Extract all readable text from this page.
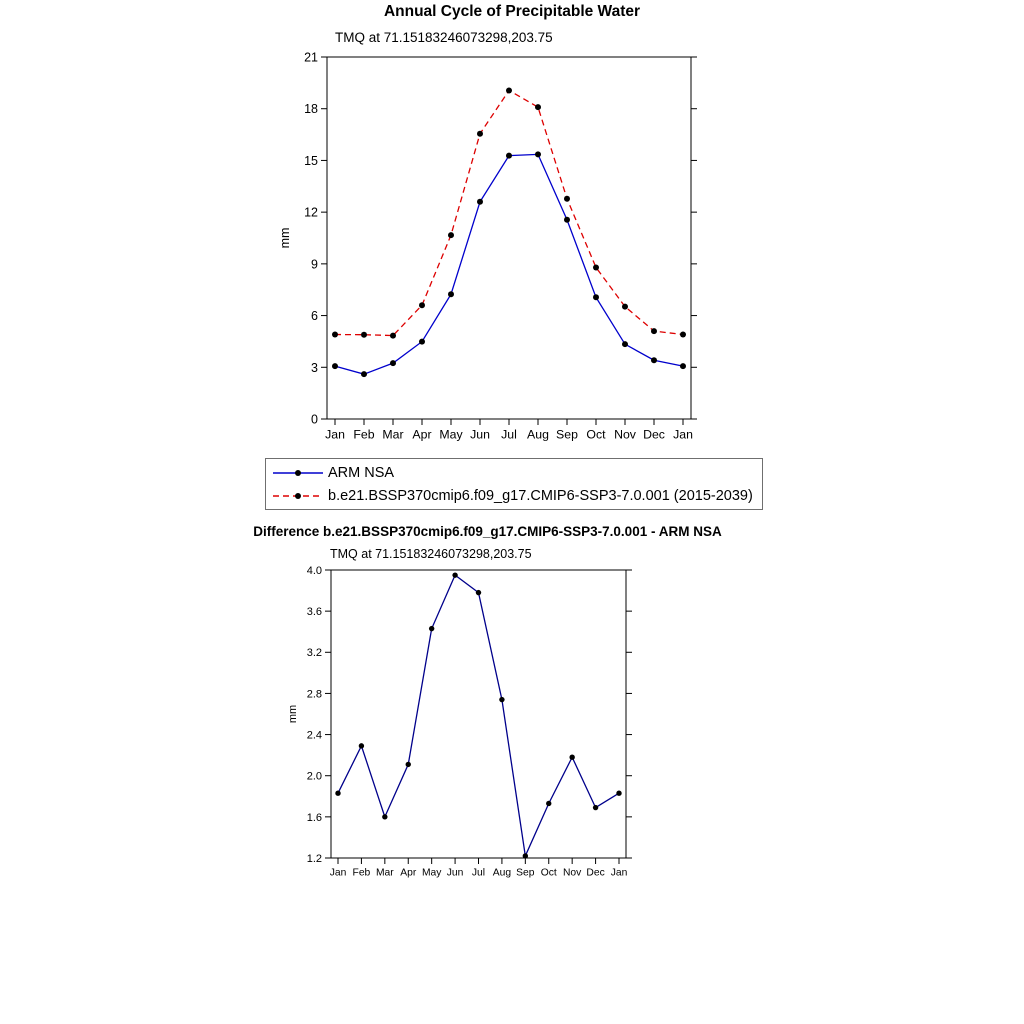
Annual Cycle of Precipitable Water
TMQ at 71.15183246073298,203.75
0
3
6
9
12
15
18
21
Jan Feb Mar Apr May Jun Jul Aug Sep Oct Nov Dec Jan
mm
ARM NSA
b.e21.BSSP370cmip6.f09_g17.CMIP6-SSP3-7.0.001 (2015-2039)
Difference b.e21.BSSP370cmip6.f09_g17.CMIP6-SSP3-7.0.001 - ARM NSA
TMQ at 71.15183246073298,203.75
1.2
1.6
2.0
2.4
2.8
3.2
3.6
4.0
Jan Feb Mar Apr May Jun Jul Aug Sep Oct Nov Dec Jan
mm
